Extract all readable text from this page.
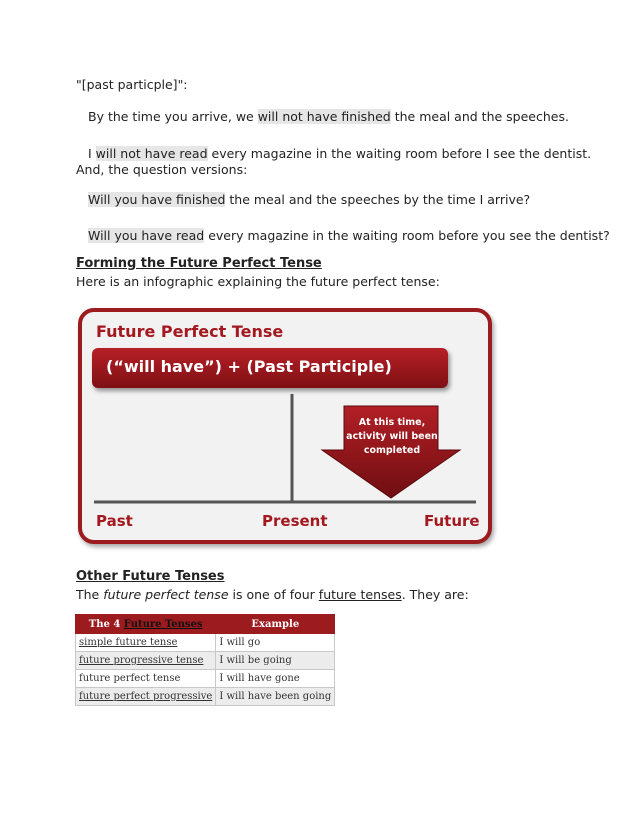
"[past particple]":
By the time you arrive, we will not have finished the meal and the speeches.
I will not have read every magazine in the waiting room before I see the dentist.
And, the question versions:
Will you have finished the meal and the speeches by the time I arrive?
Will you have read every magazine in the waiting room before you see the dentist?
Forming the Future Perfect Tense
Here is an infographic explaining the future perfect tense:
Future Perfect Tense
(“will have”) + (Past Participle)
At this time,
activity will been
completed
Past	Present	Future
Other Future Tenses
The future perfect tense is one of four future tenses. They are:
The 4 Future Tenses	Example
simple future tense	I will go
future progressive tense	I will be going
future perfect tense	I will have gone
future perfect progressive	I will have been going
